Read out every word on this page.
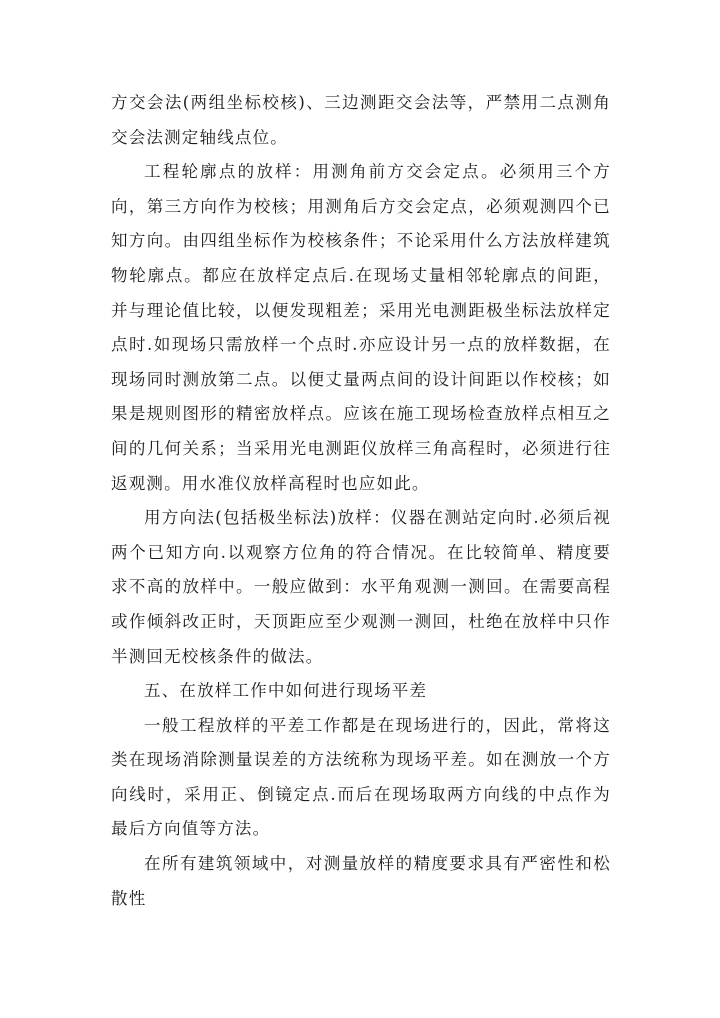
方交会法(两组坐标校核)、三边测距交会法等，严禁用二点测角交会法测定轴线点位。

工程轮廓点的放样：用测角前方交会定点。必须用三个方向，第三方向作为校核；用测角后方交会定点，必须观测四个已知方向。由四组坐标作为校核条件；不论采用什么方法放样建筑物轮廓点。都应在放样定点后.在现场丈量相邻轮廓点的间距，并与理论值比较，以便发现粗差；采用光电测距极坐标法放样定点时.如现场只需放样一个点时.亦应设计另一点的放样数据，在现场同时测放第二点。以便丈量两点间的设计间距以作校核；如果是规则图形的精密放样点。应该在施工现场检查放样点相互之间的几何关系；当采用光电测距仪放样三角高程时，必须进行往返观测。用水准仪放样高程时也应如此。

用方向法(包括极坐标法)放样：仪器在测站定向时.必须后视两个已知方向.以观察方位角的符合情况。在比较简单、精度要求不高的放样中。一般应做到：水平角观测一测回。在需要高程或作倾斜改正时，天顶距应至少观测一测回，杜绝在放样中只作半测回无校核条件的做法。

五、在放样工作中如何进行现场平差

一般工程放样的平差工作都是在现场进行的，因此，常将这类在现场消除测量误差的方法统称为现场平差。如在测放一个方向线时，采用正、倒镜定点.而后在现场取两方向线的中点作为最后方向值等方法。

在所有建筑领域中，对测量放样的精度要求具有严密性和松散性
